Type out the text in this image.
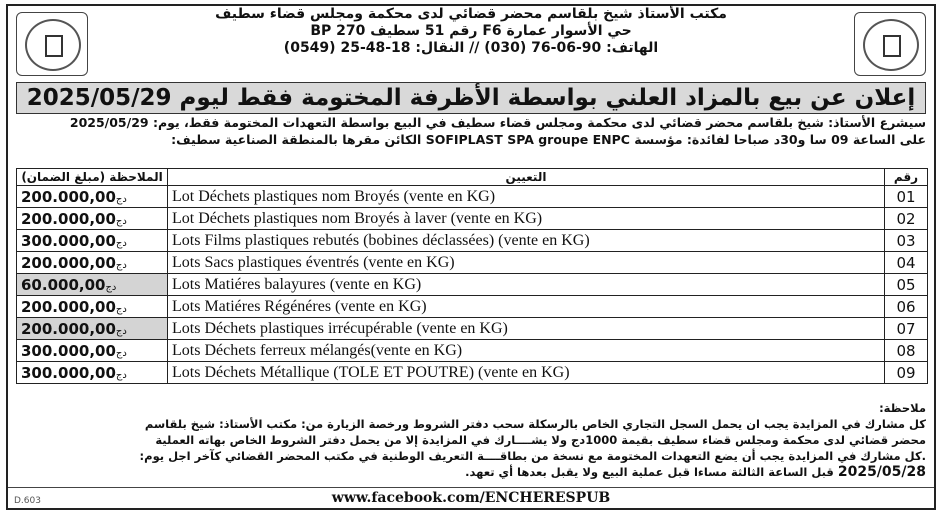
مكتب الأستاذ شيخ بلقاسم محضر قضائي لدى محكمة ومجلس قضاء سطيف
حي الأسوار عمارة F6 رقم 51 سطيف BP 270
الهاتف: 90-06-76 (030) // النقال: 18-48-25 (0549)
إعلان عن بيع بالمزاد العلني بواسطة الأظرفة المختومة فقط ليوم 2025/05/29
سيشرع الأستاذ: شيخ بلقاسم محضر قضائي لدى محكمة ومجلس قضاء سطيف في البيع بواسطة التعهدات المختومة فقط، يوم: 2025/05/29
على الساعة 09 سا و30د صباحا لفائدة: مؤسسة SOFIPLAST SPA groupe ENPC الكائن مقرها بالمنطقة الصناعية سطيف:
رقم	التعيين	الملاحظة (مبلغ الضمان)
01	Lot Déchets plastiques nom Broyés (vente en KG)	دج200.000,00
02	Lot Déchets plastiques nom Broyés à laver (vente en KG)	دج200.000,00
03	Lots Films plastiques rebutés (bobines déclassées) (vente en KG)	دج300.000,00
04	Lots Sacs plastiques éventrés (vente en KG)	دج200.000,00
05	Lots Matiéres balayures (vente en KG)	دج60.000,00
06	Lots Matiéres Régénéres (vente en KG)	دج200.000,00
07	Lots Déchets plastiques irrécupérable (vente en KG)	دج200.000,00
08	Lots Déchets ferreux mélangés(vente en KG)	دج300.000,00
09	Lots Déchets Métallique (TOLE ET POUTRE) (vente en KG)	دج300.000,00
ملاحظة:
كل مشارك في المزايدة يجب ان يحمل السجل التجاري الخاص بالرسكلة سحب دفتر الشروط ورخصة الزيارة من: مكتب الأستاذ: شيخ بلقاسم
محضر قضائي لدى محكمة ومجلس قضاء سطيف بقيمة 1000دج ولا يشــــارك في المزايدة إلا من يحمل دفتر الشروط الخاص بهاته العملية
.كل مشارك في المزايدة يجب أن يضع التعهدات المختومة مع نسخة من بطاقــــة التعريف الوطنية في مكتب المحضر القضائي كآخر اجل يوم:
2025/05/28 قبل الساعة الثالثة مساءا قبل عملية البيع ولا يقبل بعدها أي تعهد.
www.facebook.com/ENCHERESPUB
D.603
